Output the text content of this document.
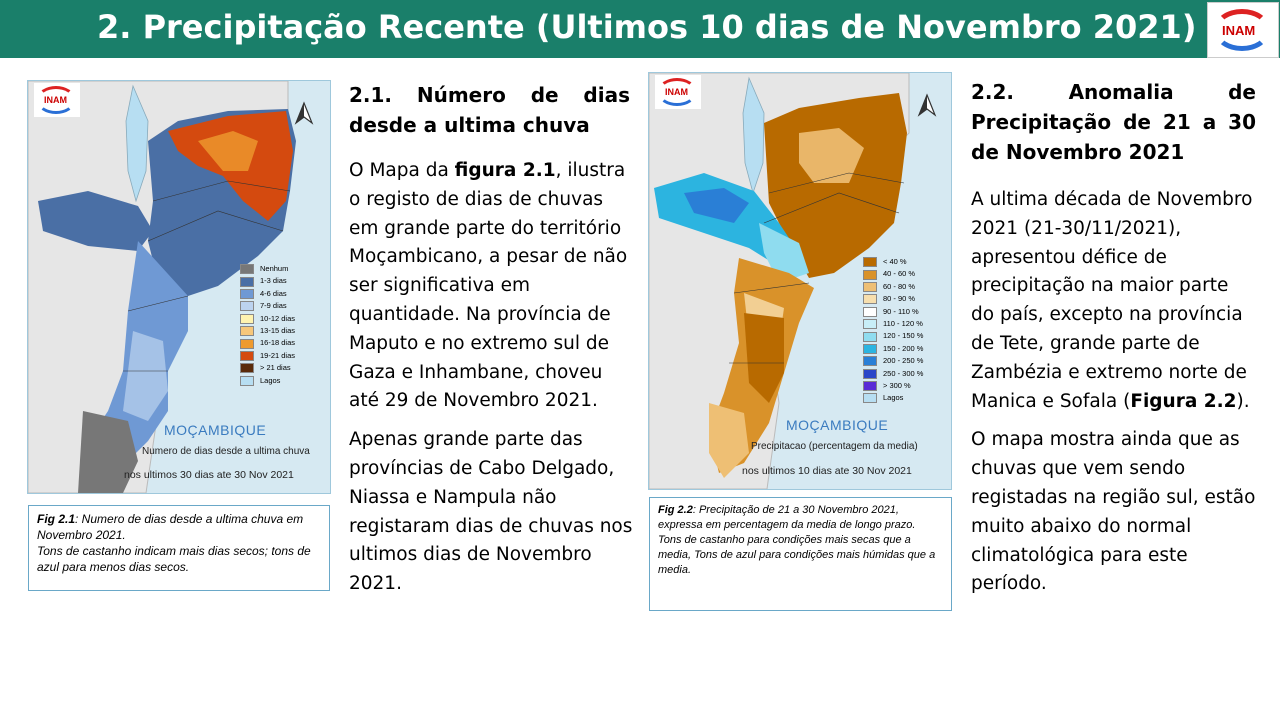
2. Precipitação Recente (Ultimos 10 dias de Novembro 2021) INAM
INAM
Nenhum
1-3 dias
4-6 dias
7-9 dias
10-12 dias
13-15 dias
16-18 dias
19-21 dias
> 21 dias
Lagos
MOÇAMBIQUE
Numero de dias desde a ultima chuva
nos ultimos 30 dias ate 30 Nov 2021
Fig 2.1: Numero de dias desde a ultima chuva em Novembro 2021.
Tons de castanho indicam mais dias secos; tons de azul para menos dias secos.
2.1. Número de dias desde a ultima chuva

O Mapa da figura 2.1, ilustra o registo de dias de chuvas em grande parte do território Moçambicano, a pesar de não ser significativa em quantidade. Na província de Maputo e no extremo sul de Gaza e Inhambane, choveu até 29 de Novembro 2021.

Apenas grande parte das províncias de Cabo Delgado, Niassa e Nampula não registaram dias de chuvas nos ultimos dias de Novembro 2021.

INAM
< 40 %
40 - 60 %
60 - 80 %
80 - 90 %
90 - 110 %
110 - 120 %
120 - 150 %
150 - 200 %
200 - 250 %
250 - 300 %
> 300 %
Lagos
MOÇAMBIQUE
Precipitacao (percentagem da media)
nos ultimos 10 dias ate 30 Nov 2021
Fig 2.2: Precipitação de 21 a 30 Novembro 2021, expressa em percentagem da media de longo prazo.
Tons de castanho para condições mais secas que a media, Tons de azul para condições mais húmidas que a media.
2.2. Anomalia de Precipitação de 21 a 30 de Novembro 2021

A ultima década de Novembro 2021 (21-30/11/2021), apresentou défice de precipitação na maior parte do país, excepto na província de Tete, grande parte de Zambézia e extremo norte de Manica e Sofala (Figura 2.2).

O mapa mostra ainda que as chuvas que vem sendo registadas na região sul, estão muito abaixo do normal climatológica para este período.
